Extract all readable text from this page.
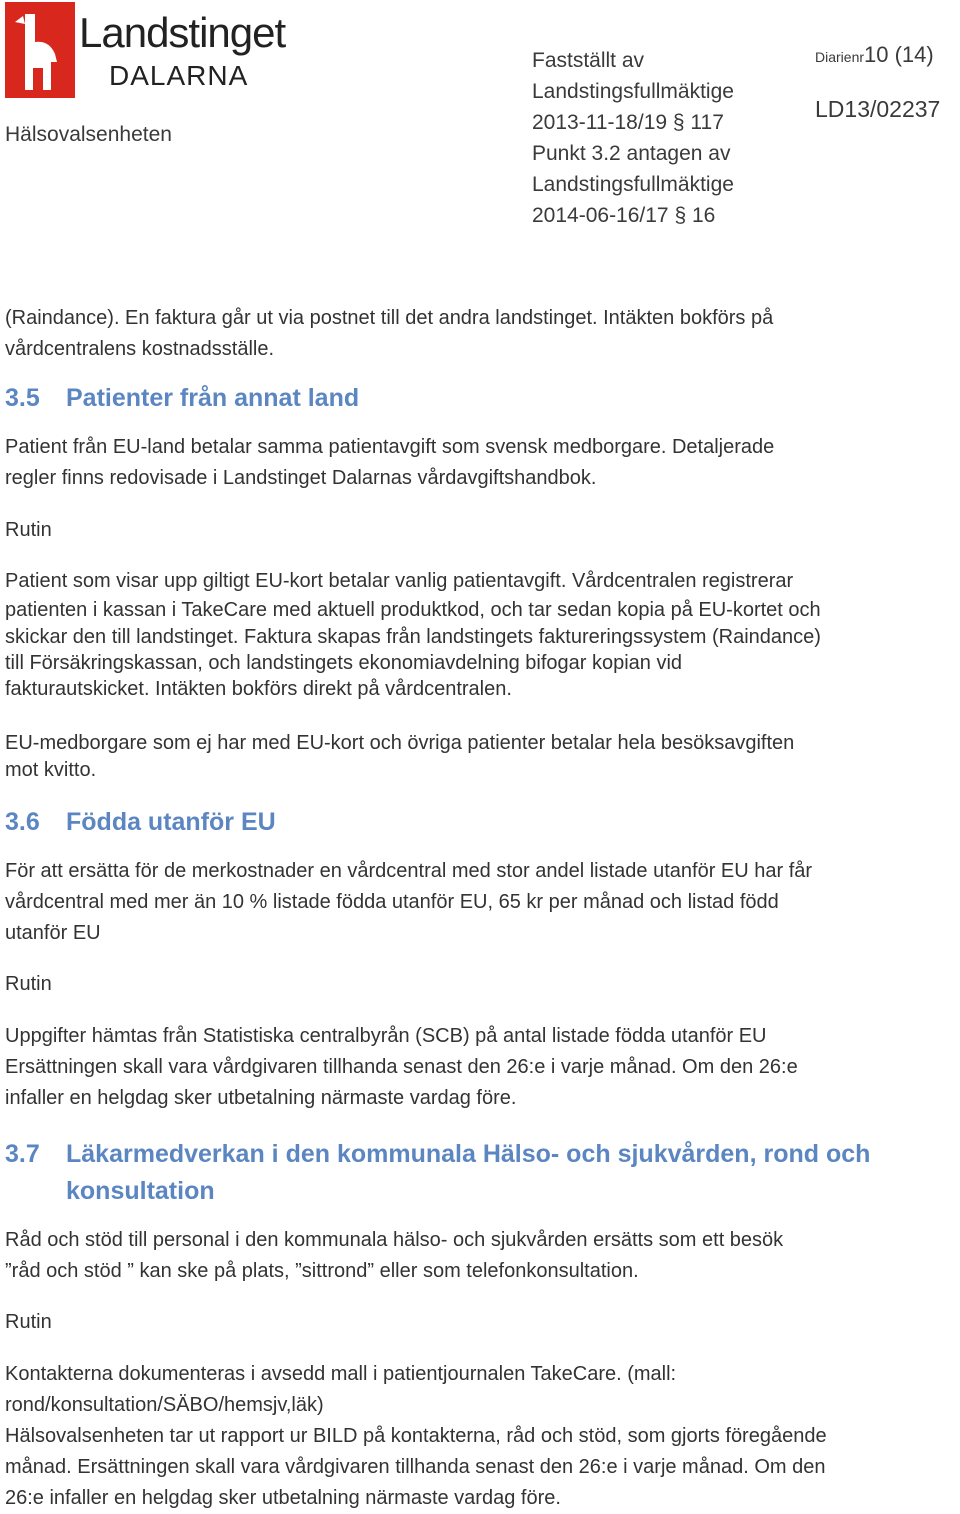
Landstinget
DALARNA
Hälsovalsenheten
Fastställt av
Landstingsfullmäktige
2013-11-18/19 § 117
Punkt 3.2 antagen av
Landstingsfullmäktige
2014-06-16/17 § 16
Diarienr10 (14)
LD13/02237
(Raindance). En faktura går ut via postnet till det andra landstinget. Intäkten bokförs på
vårdcentralens kostnadsställe.
3.5 Patienter från annat land
Patient från EU-land betalar samma patientavgift som svensk medborgare. Detaljerade
regler finns redovisade i Landstinget Dalarnas vårdavgiftshandbok.
Rutin
Patient som visar upp giltigt EU-kort betalar vanlig patientavgift. Vårdcentralen registrerar
patienten i kassan i TakeCare med aktuell produktkod, och tar sedan kopia på EU-kortet och
skickar den till landstinget. Faktura skapas från landstingets faktureringssystem (Raindance)
till Försäkringskassan, och landstingets ekonomiavdelning bifogar kopian vid
fakturautskicket. Intäkten bokförs direkt på vårdcentralen.
EU-medborgare som ej har med EU-kort och övriga patienter betalar hela besöksavgiften
mot kvitto.
3.6 Födda utanför EU
För att ersätta för de merkostnader en vårdcentral med stor andel listade utanför EU har får
vårdcentral med mer än 10 % listade födda utanför EU, 65 kr per månad och listad född
utanför EU
Rutin
Uppgifter hämtas från Statistiska centralbyrån (SCB) på antal listade födda utanför EU
Ersättningen skall vara vårdgivaren tillhanda senast den 26:e i varje månad. Om den 26:e
infaller en helgdag sker utbetalning närmaste vardag före.
3.7 Läkarmedverkan i den kommunala Hälso- och sjukvården, rond och
konsultation
Råd och stöd till personal i den kommunala hälso- och sjukvården ersätts som ett besök
”råd och stöd ” kan ske på plats, ”sittrond” eller som telefonkonsultation.
Rutin
Kontakterna dokumenteras i avsedd mall i patientjournalen TakeCare. (mall:
rond/konsultation/SÄBO/hemsjv,läk)
Hälsovalsenheten tar ut rapport ur BILD på kontakterna, råd och stöd, som gjorts föregående
månad. Ersättningen skall vara vårdgivaren tillhanda senast den 26:e i varje månad. Om den
26:e infaller en helgdag sker utbetalning närmaste vardag före.
